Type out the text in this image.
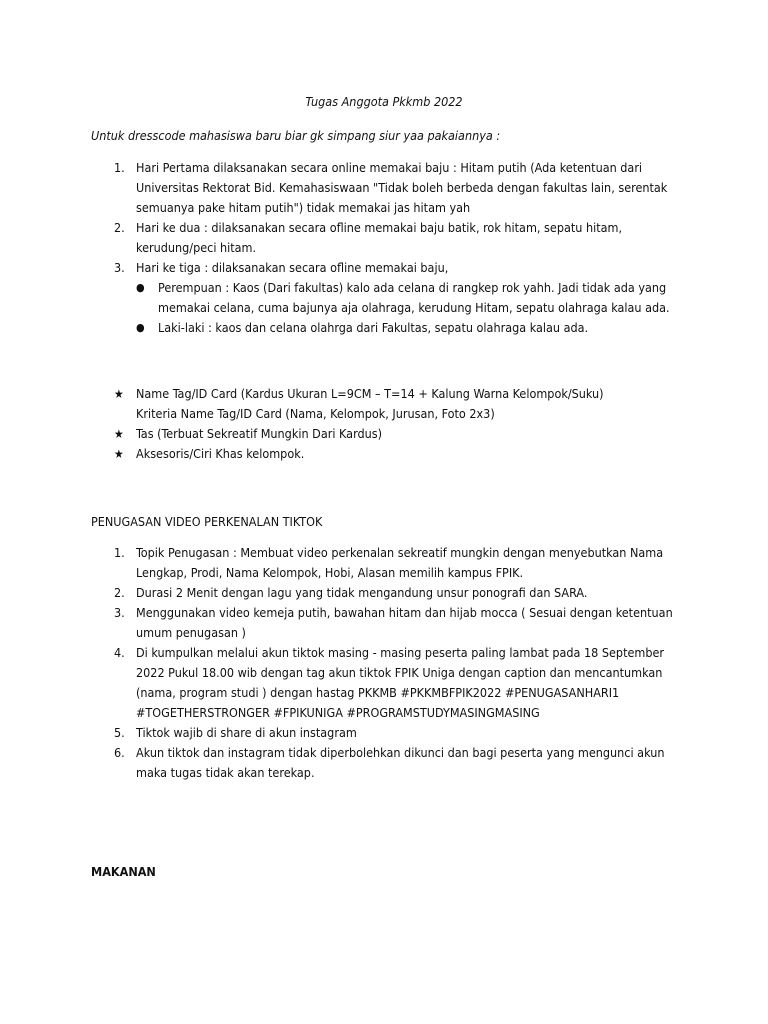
Tugas Anggota Pkkmb 2022
Untuk dresscode mahasiswa baru biar gk simpang siur yaa pakaiannya :
1. Hari Pertama dilaksanakan secara online memakai baju : Hitam putih (Ada ketentuan dari Universitas Rektorat Bid. Kemahasiswaan "Tidak boleh berbeda dengan fakultas lain, serentak semuanya pake hitam putih") tidak memakai jas hitam yah
2. Hari ke dua : dilaksanakan secara ofline memakai baju batik, rok hitam, sepatu hitam, kerudung/peci hitam.
3. Hari ke tiga : dilaksanakan secara ofline memakai baju,
● Perempuan : Kaos (Dari fakultas) kalo ada celana di rangkep rok yahh. Jadi tidak ada yang memakai celana, cuma bajunya aja olahraga, kerudung Hitam, sepatu olahraga kalau ada.
● Laki-laki : kaos dan celana olahrga dari Fakultas, sepatu olahraga kalau ada.
★ Name Tag/ID Card (Kardus Ukuran L=9CM – T=14 + Kalung Warna Kelompok/Suku)
Kriteria Name Tag/ID Card (Nama, Kelompok, Jurusan, Foto 2x3)
★ Tas (Terbuat Sekreatif Mungkin Dari Kardus)
★ Aksesoris/Ciri Khas kelompok.
PENUGASAN VIDEO PERKENALAN TIKTOK
1. Topik Penugasan : Membuat video perkenalan sekreatif mungkin dengan menyebutkan Nama Lengkap, Prodi, Nama Kelompok, Hobi, Alasan memilih kampus FPIK.
2. Durasi 2 Menit dengan lagu yang tidak mengandung unsur ponografi dan SARA.
3. Menggunakan video kemeja putih, bawahan hitam dan hijab mocca ( Sesuai dengan ketentuan umum penugasan )
4. Di kumpulkan melalui akun tiktok masing - masing peserta paling lambat pada 18 September 2022 Pukul 18.00 wib dengan tag akun tiktok FPIK Uniga dengan caption dan mencantumkan (nama, program studi ) dengan hastag PKKMB #PKKMBFPIK2022 #PENUGASANHARI1 #TOGETHERSTRONGER #FPIKUNIGA #PROGRAMSTUDYMASINGMASING
5. Tiktok wajib di share di akun instagram
6. Akun tiktok dan instagram tidak diperbolehkan dikunci dan bagi peserta yang mengunci akun maka tugas tidak akan terekap.
MAKANAN
